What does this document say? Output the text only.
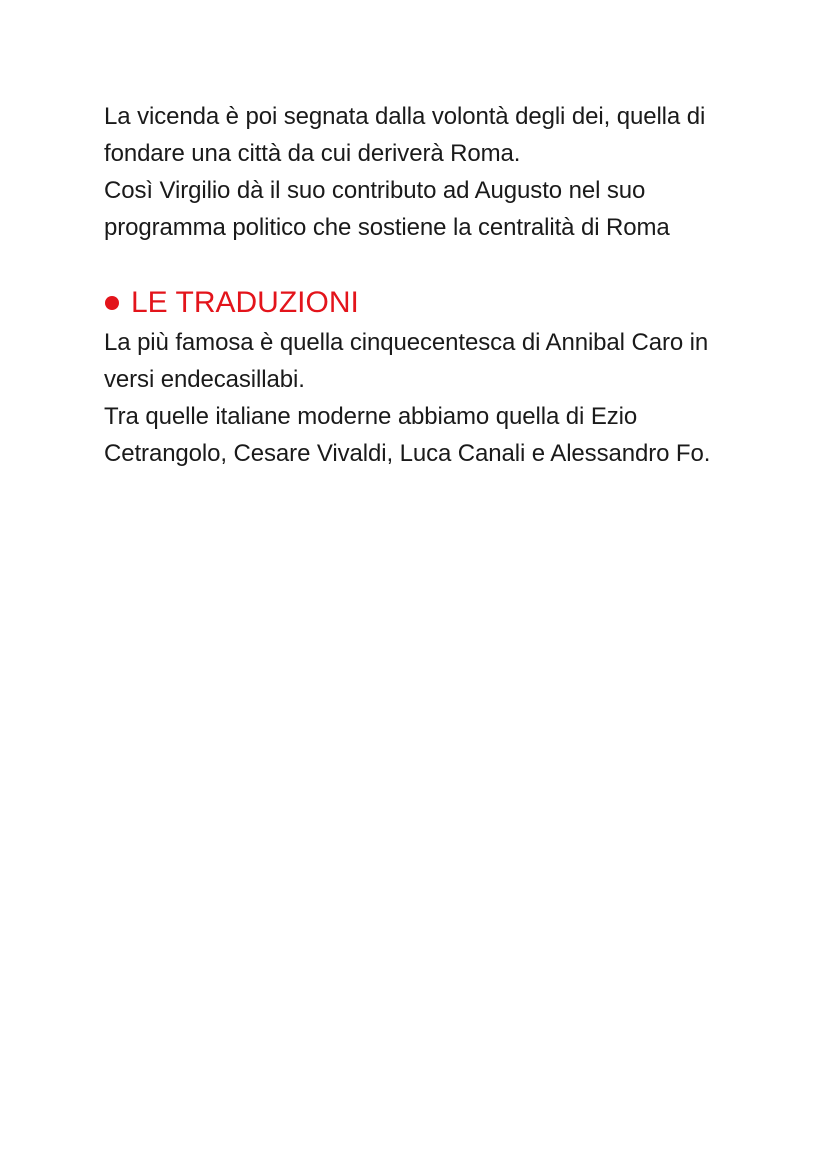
La vicenda è poi segnata dalla volontà degli dei, quella di
fondare una città da cui deriverà Roma.
Così Virgilio dà il suo contributo ad Augusto nel suo
programma politico che sostiene la centralità di Roma
LE TRADUZIONI
La più famosa è quella cinquecentesca di Annibal Caro in
versi endecasillabi.
Tra quelle italiane moderne abbiamo quella di Ezio
Cetrangolo, Cesare Vivaldi, Luca Canali e Alessandro Fo.
